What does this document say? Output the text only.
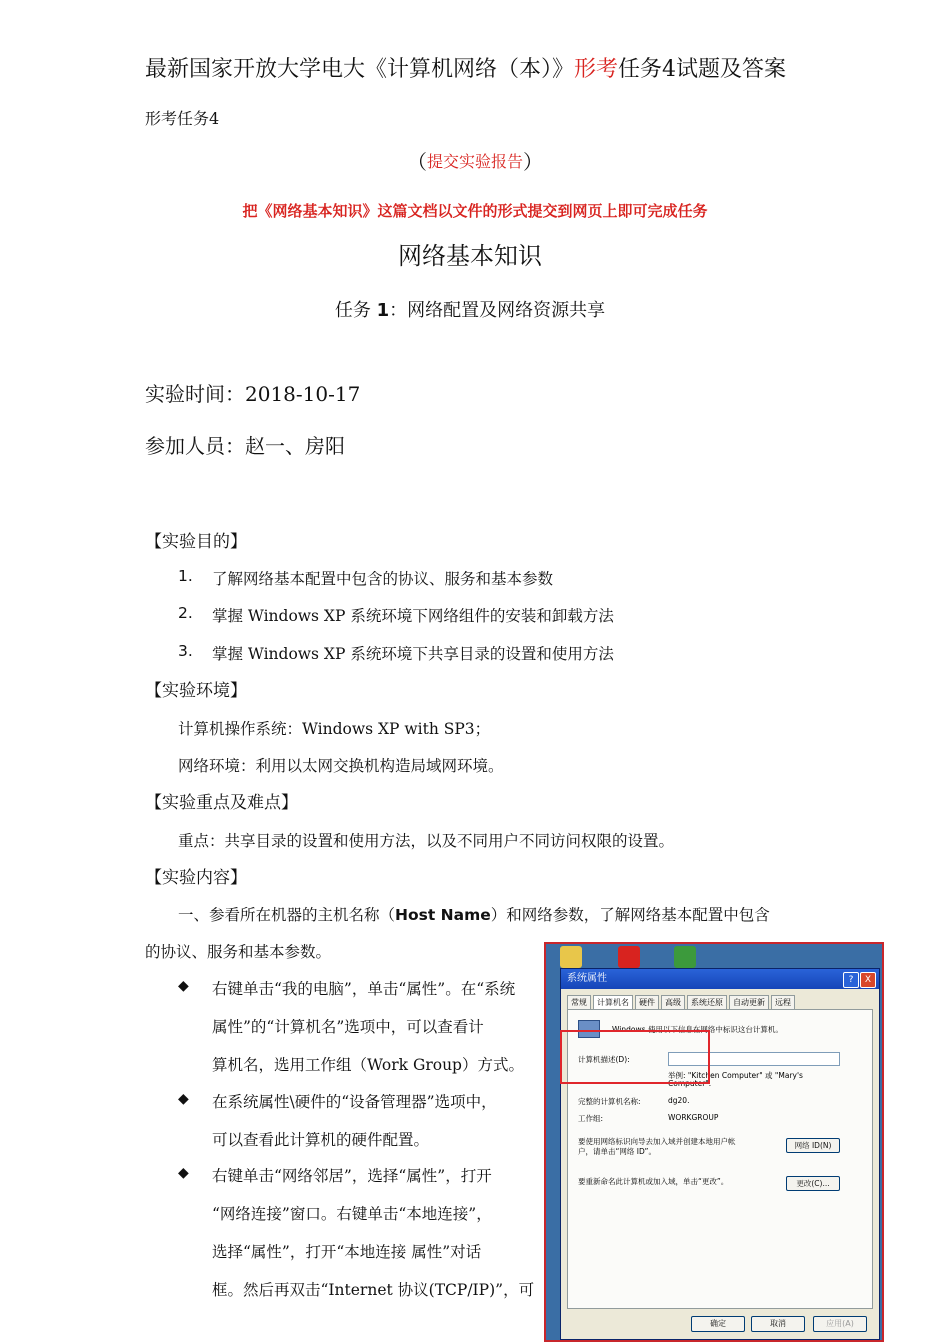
最新国家开放大学电大《计算机网络（本）》形考任务4试题及答案
形考任务4
（提交实验报告）
把《网络基本知识》这篇文档以文件的形式提交到网页上即可完成任务
网络基本知识
任务 1：网络配置及网络资源共享
实验时间：2018-10-17
参加人员：赵一、房阳
【实验目的】
1. 了解网络基本配置中包含的协议、服务和基本参数
2. 掌握 Windows XP 系统环境下网络组件的安装和卸载方法
3. 掌握 Windows XP 系统环境下共享目录的设置和使用方法
【实验环境】
计算机操作系统：Windows XP with SP3；
网络环境：利用以太网交换机构造局域网环境。
【实验重点及难点】
重点：共享目录的设置和使用方法，以及不同用户不同访问权限的设置。
【实验内容】
一、参看所在机器的主机名称（Host Name）和网络参数，了解网络基本配置中包含
的协议、服务和基本参数。
◆ 右键单击“我的电脑”，单击“属性”。在“系统
属性”的“计算机名”选项中，可以查看计
算机名，选用工作组（Work Group）方式。
◆ 在系统属性\硬件的“设备管理器”选项中，
可以查看此计算机的硬件配置。
◆ 右键单击“网络邻居”，选择“属性”，打开
“网络连接”窗口。右键单击“本地连接”，
选择“属性”，打开“本地连接 属性”对话
框。然后再双击“Internet 协议(TCP/IP)”，可
系统属性	?	X
常规	计算机名	硬件	高级	系统还原	自动更新	远程
Windows 使用以下信息在网络中标识这台计算机。
计算机描述(D):
举例: "Kitchen Computer" 或 "Mary's
Computer".
完整的计算机名称:	dg20.
工作组:	WORKGROUP
要使用网络标识向导去加入域并创建本地用户帐
户，请单击“网络 ID”。
网络 ID(N)
要重新命名此计算机或加入域，单击“更改”。	更改(C)...
确定	取消	应用(A)
